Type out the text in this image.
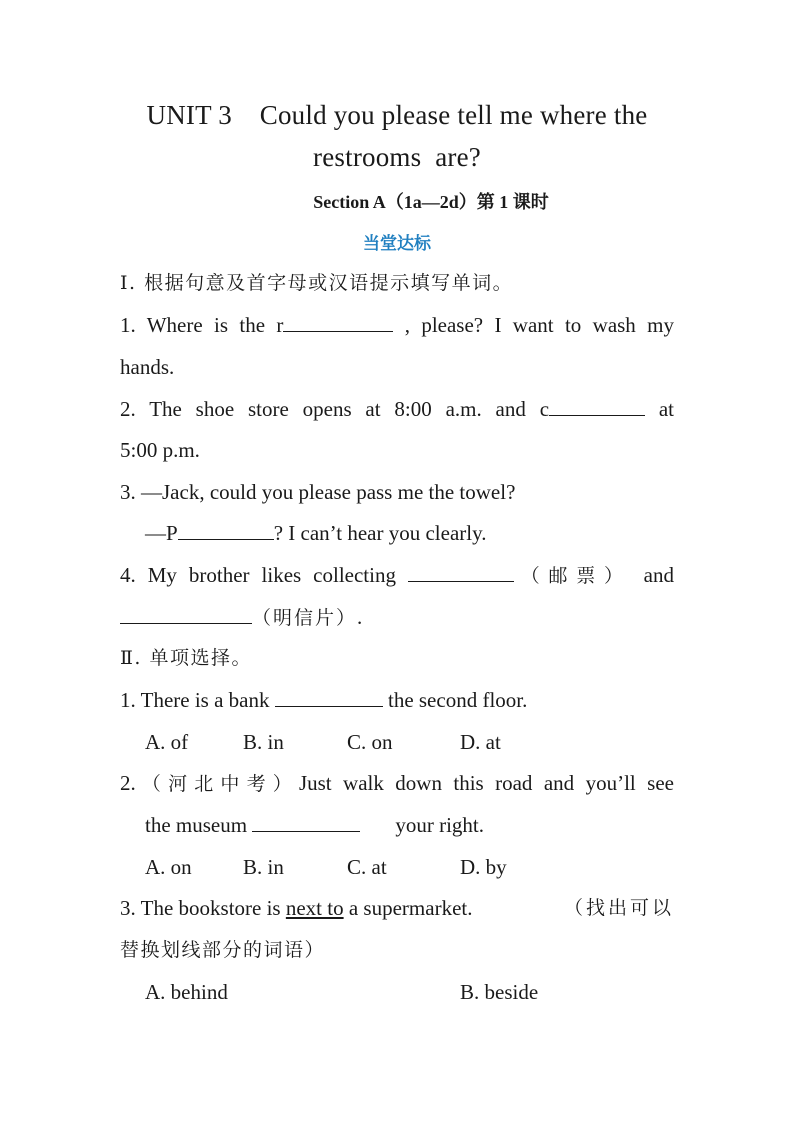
UNIT 3    Could you please tell me where the
restrooms  are?
Section A（1a—2d）第 1 课时
当堂达标
Ⅰ. 根据句意及首字母或汉语提示填写单词。
1. Where is the r	, please? I want to wash my
hands.
2. The shoe store opens at 8:00 a.m. and c	at
5:00 p.m.
3. —Jack, could you please pass me the towel?
—P	? I can’t hear you clearly.
4. My brother likes collecting	（邮票） and
（明信片）.
Ⅱ. 单项选择。
1. There is a bank	the second floor.
A. of	B. in	C. on	D. at
2.（河北中考）Just walk down this road and you’ll see
the museum	your right.
A. on B. in	C. at	D. by
3. The bookstore is next to a supermarket.	（找出可以
替换划线部分的词语）
A. behind	B. beside
